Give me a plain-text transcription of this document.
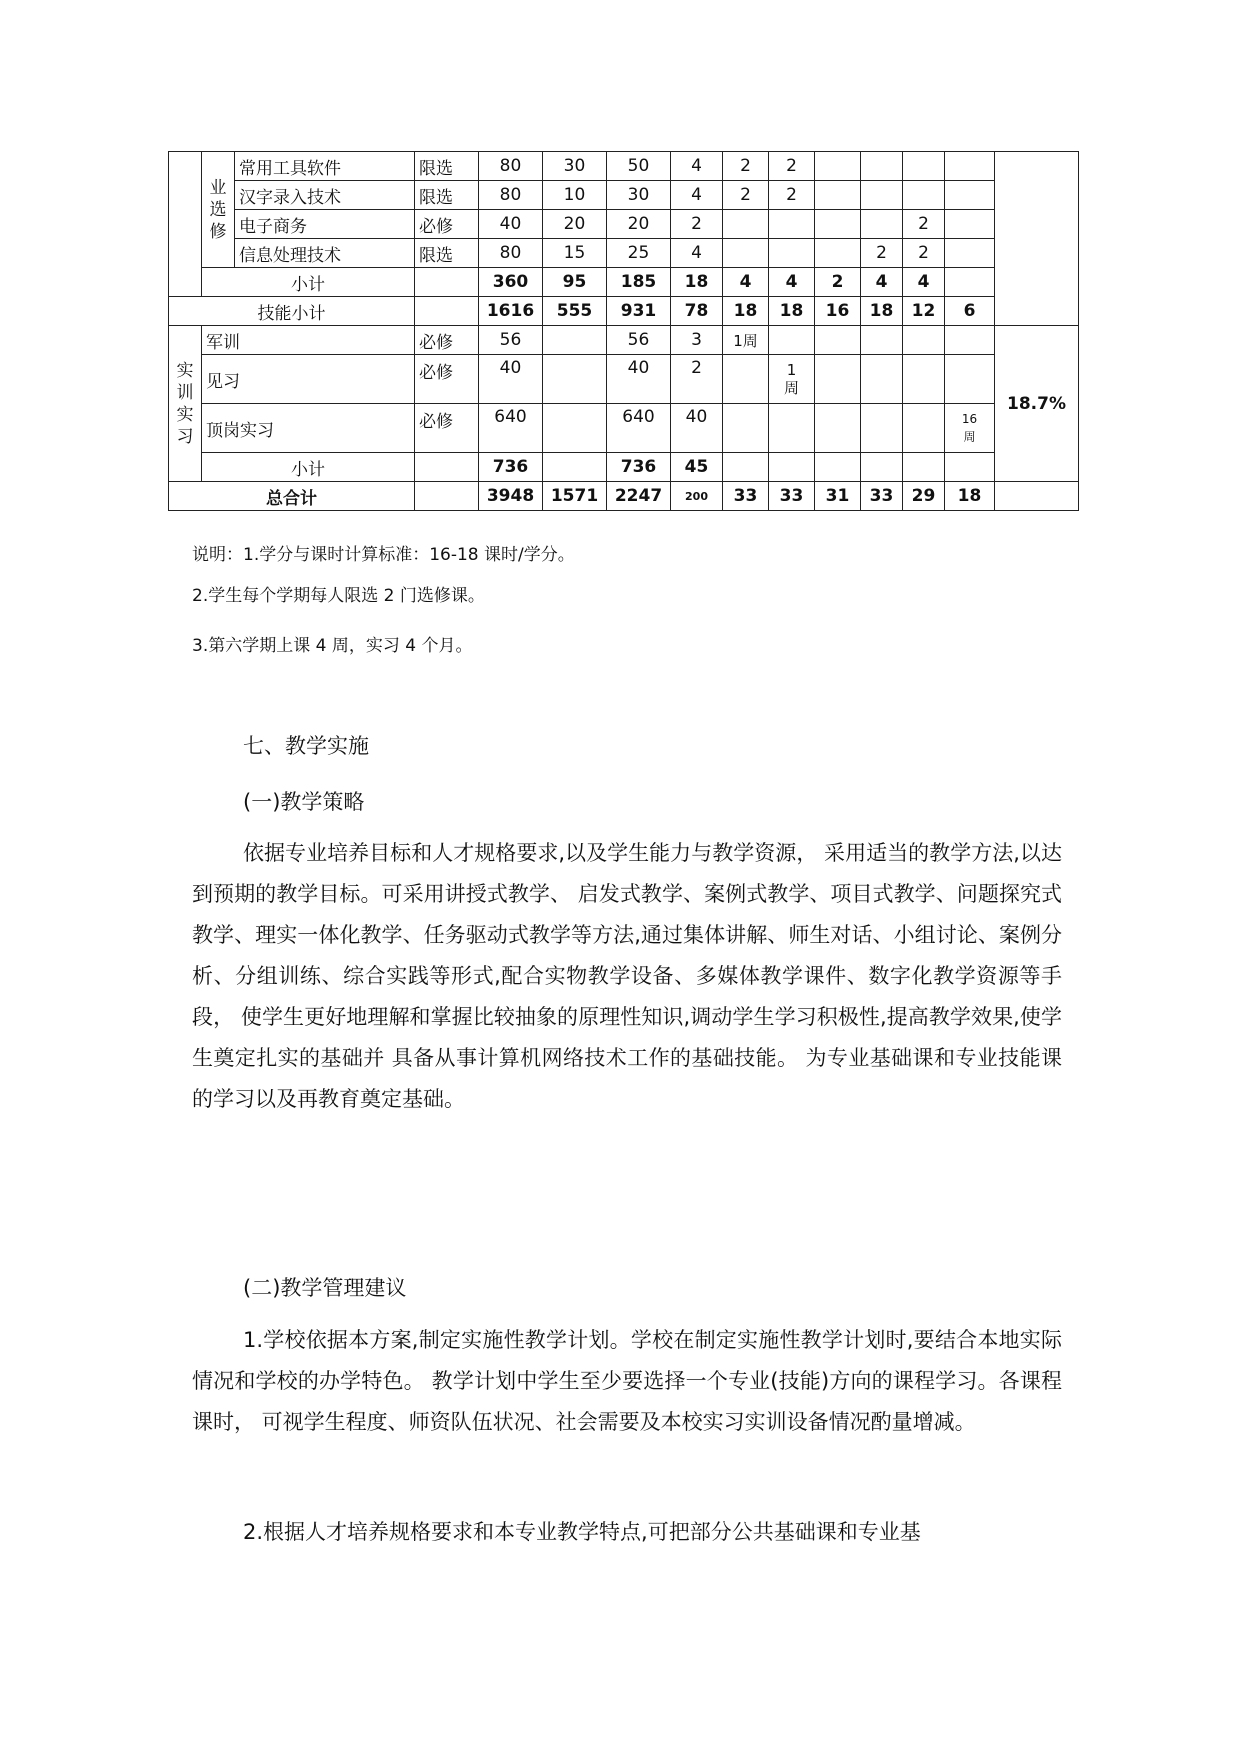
	业选修	常用工具软件	限选	80	30	50	4	2	2					
		汉字录入技术	限选	80	10	30	4	2	2					
		电子商务	必修	40	20	20	2					2		
		信息处理技术	限选	80	15	25	4				2	2		
	小计			360	95	185	18	4	4	2	4	4		
技能小计				1616	555	931	78	18	18	16	18	12	6	
实训实习	军训		必修	56		56	3	1周						18.7%
	见习		必修	40		40	2		1
周					
	顶岗实习		必修	640		640	40						16
周	
	小计			736		736	45							
总合计				3948	1571	2247	200	33	33	31	33	29	18	

说明：1.学分与课时计算标准：16-18 课时/学分。

2.学生每个学期每人限选 2 门选修课。

3.第六学期上课 4 周，实习 4 个月。

七、教学实施

(一)教学策略

依据专业培养目标和人才规格要求,以及学生能力与教学资源， 采用适当的教学方法,以达到预期的教学目标。可采用讲授式教学、 启发式教学、案例式教学、项目式教学、问题探究式教学、理实一体化教学、任务驱动式教学等方法,通过集体讲解、师生对话、小组讨论、案例分析、分组训练、综合实践等形式,配合实物教学设备、多媒体教学课件、数字化教学资源等手段， 使学生更好地理解和掌握比较抽象的原理性知识,调动学生学习积极性,提高教学效果,使学生奠定扎实的基础并 具备从事计算机网络技术工作的基础技能。 为专业基础课和专业技能课的学习以及再教育奠定基础。

(二)教学管理建议

1.学校依据本方案,制定实施性教学计划。学校在制定实施性教学计划时,要结合本地实际情况和学校的办学特色。 教学计划中学生至少要选择一个专业(技能)方向的课程学习。各课程课时， 可视学生程度、师资队伍状况、社会需要及本校实习实训设备情况酌量增减。

2.根据人才培养规格要求和本专业教学特点,可把部分公共基础课和专业基
